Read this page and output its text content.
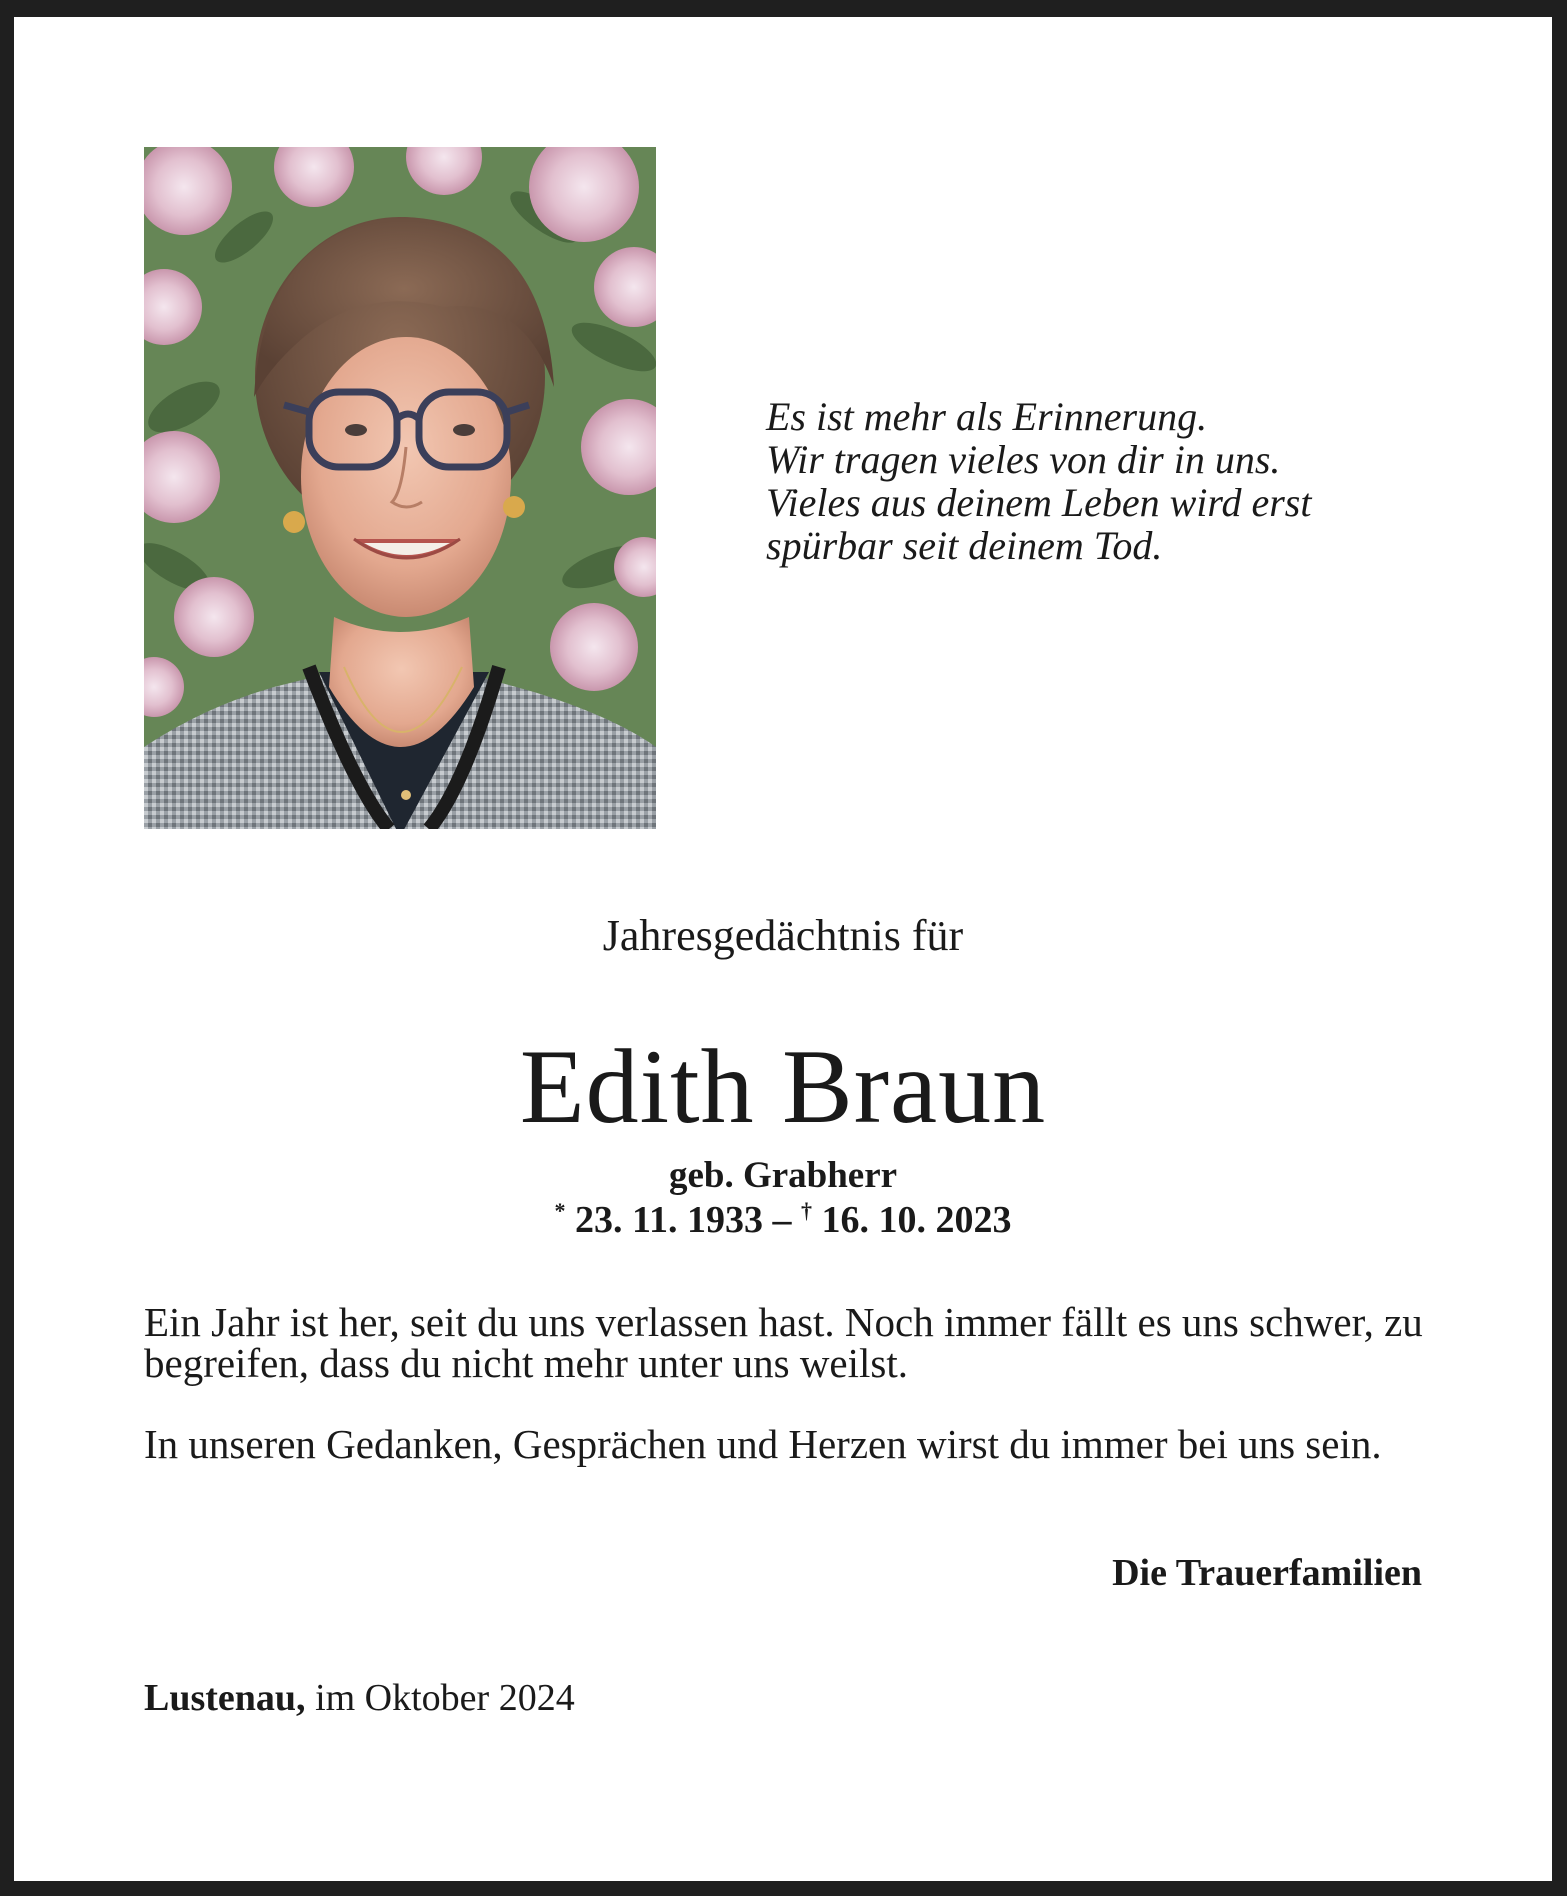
Es ist mehr als Erinnerung.
Wir tragen vieles von dir in uns.
Vieles aus deinem Leben wird erst
spürbar seit deinem Tod.

Jahresgedächtnis für
Edith Braun
geb. Grabherr
* 23. 11. 1933 – † 16. 10. 2023

Ein Jahr ist her, seit du uns verlassen hast. Noch immer fällt es uns schwer, zu begreifen, dass du nicht mehr unter uns weilst.

In unseren Gedanken, Gesprächen und Herzen wirst du immer bei uns sein.

Die Trauerfamilien
Lustenau, im Oktober 2024
